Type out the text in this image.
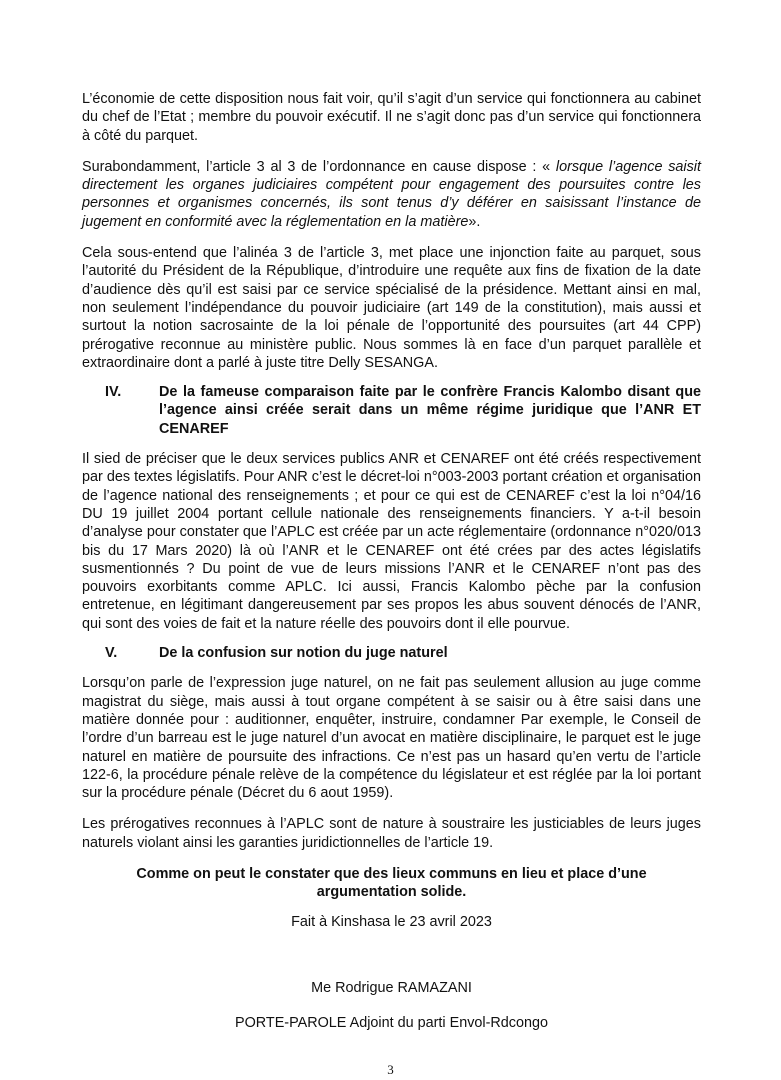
L’économie de cette disposition nous fait voir, qu’il s’agit d’un service qui fonctionnera au cabinet du chef de l’Etat ; membre du pouvoir exécutif. Il ne s’agit donc pas d’un service qui fonctionnera à côté du parquet.

Surabondamment, l’article 3 al 3 de l’ordonnance en cause dispose : « lorsque l’agence saisit directement les organes judiciaires compétent pour engagement des poursuites contre les personnes et organismes concernés, ils sont tenus d’y déférer en saisissant l’instance de jugement en conformité avec la réglementation en la matière».

Cela sous-entend que l’alinéa 3 de l’article 3, met place une injonction faite au parquet, sous l’autorité du Président de la République, d’introduire une requête aux fins de fixation de la date d’audience dès qu’il est saisi par ce service spécialisé de la présidence. Mettant ainsi en mal, non seulement l’indépendance du pouvoir judiciaire (art 149 de la constitution), mais aussi et surtout la notion sacrosainte de la loi pénale de l’opportunité des poursuites (art 44 CPP) prérogative reconnue au ministère public. Nous sommes là en face d’un parquet parallèle et extraordinaire dont a parlé à juste titre Delly SESANGA.

IV.	De la fameuse comparaison faite par le confrère Francis Kalombo disant que l’agence ainsi créée serait dans un même régime juridique que l’ANR ET CENAREF

Il sied de préciser que le deux services publics ANR et CENAREF ont été créés respectivement par des textes législatifs. Pour ANR c’est le décret-loi n°003-2003 portant création et organisation de l’agence national des renseignements ; et pour ce qui est de CENAREF c’est la loi n°04/16 DU 19 juillet 2004 portant cellule nationale des renseignements financiers. Y a-t-il besoin d’analyse pour constater que l’APLC est créée par un acte réglementaire (ordonnance n°020/013 bis du 17 Mars 2020) là où l’ANR et le CENAREF ont été crées par des actes législatifs susmentionnés ? Du point de vue de leurs missions l’ANR et le CENAREF n’ont pas des pouvoirs exorbitants comme APLC. Ici aussi, Francis Kalombo pèche par la confusion entretenue, en légitimant dangereusement par ses propos les abus souvent dénocés de l’ANR, qui sont des voies de fait et la nature réelle des pouvoirs dont il elle pourvue.

V.	De la confusion sur notion du juge naturel

Lorsqu’on parle de l’expression juge naturel, on ne fait pas seulement allusion au juge comme magistrat du siège, mais aussi à tout organe compétent à se saisir ou à être saisi dans une matière donnée pour : auditionner, enquêter, instruire, condamner Par exemple, le Conseil de l’ordre d’un barreau est le juge naturel d’un avocat en matière disciplinaire, le parquet est le juge naturel en matière de poursuite des infractions. Ce n’est pas un hasard qu’en vertu de l’article 122-6, la procédure pénale relève de la compétence du législateur et est réglée par la loi portant sur la procédure pénale (Décret du 6 aout 1959).

Les prérogatives reconnues à l’APLC sont de nature à soustraire les justiciables de leurs juges naturels violant ainsi les garanties juridictionnelles de l’article 19.

Comme on peut le constater que des lieux communs en lieu et place d’une
argumentation solide.

Fait à Kinshasa le 23 avril 2023

Me Rodrigue RAMAZANI

PORTE-PAROLE Adjoint du parti Envol-Rdcongo

3
